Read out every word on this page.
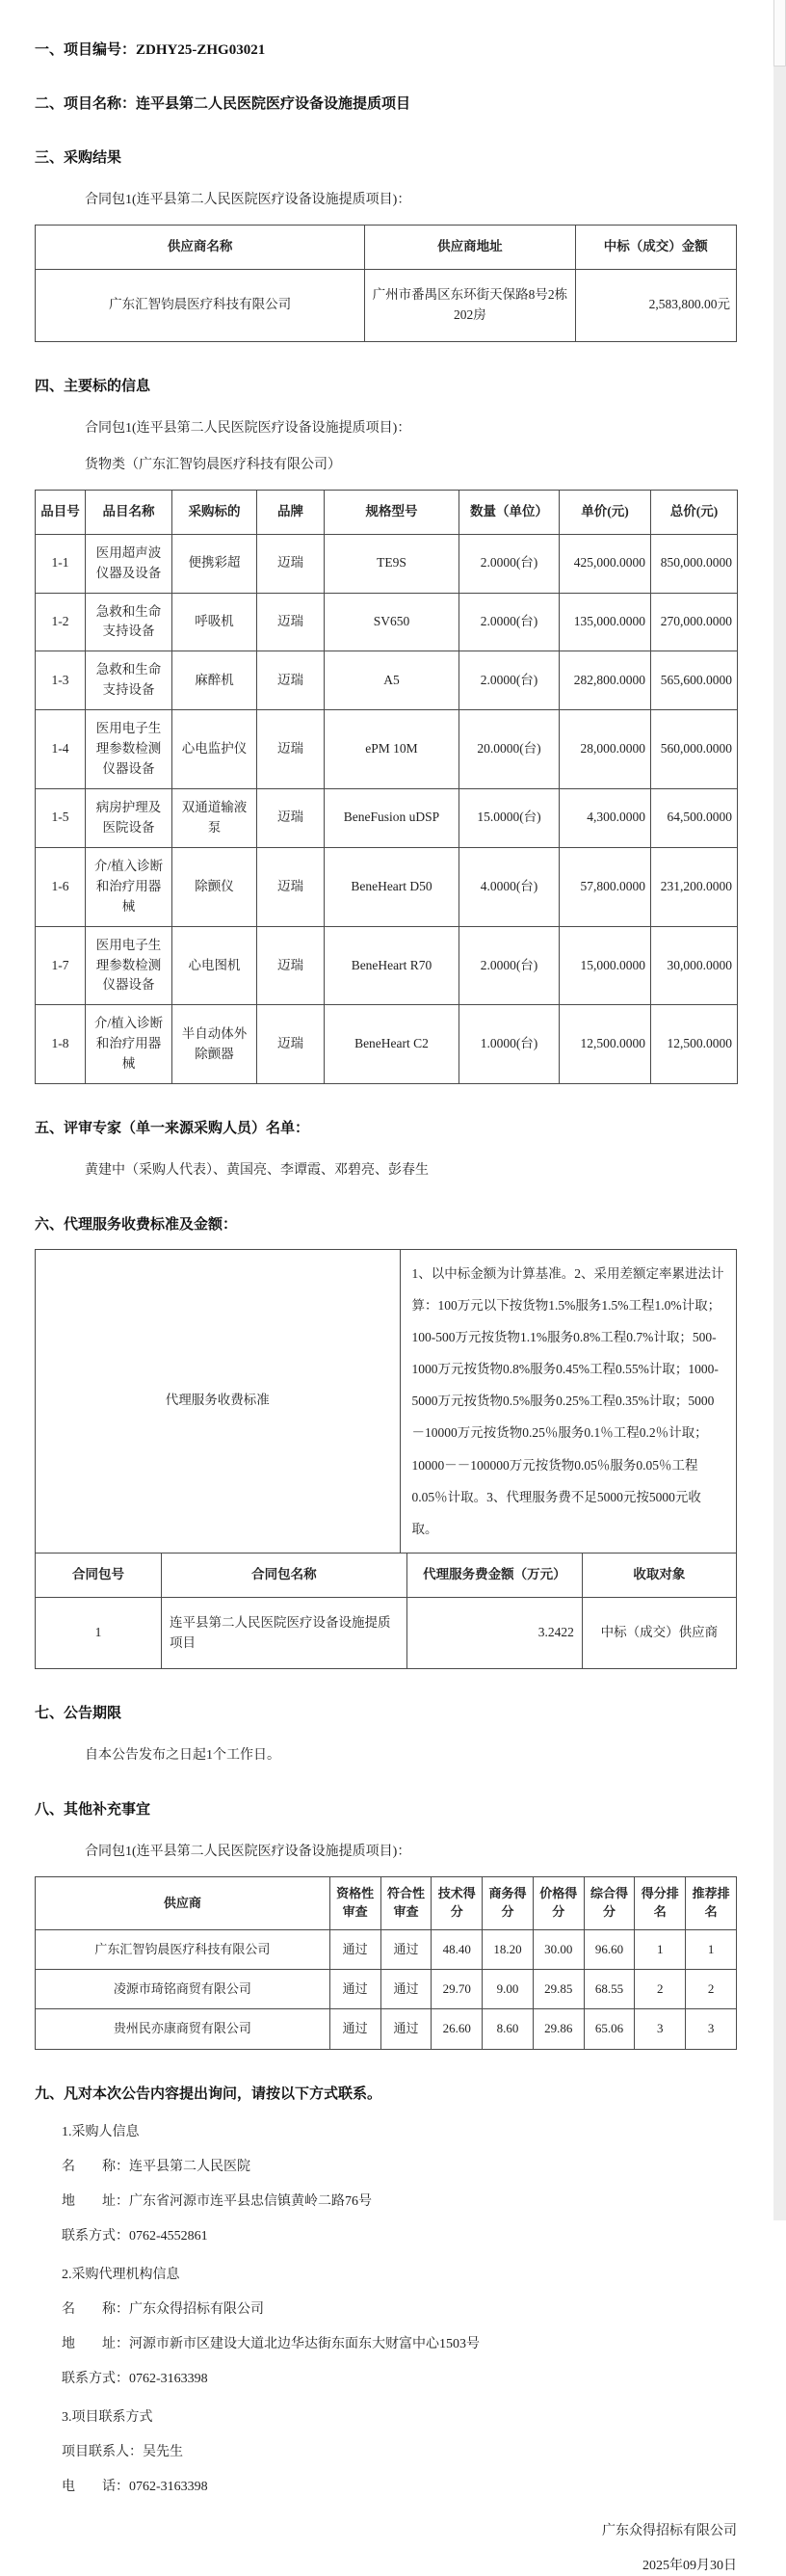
一、项目编号：ZDHY25-ZHG03021
二、项目名称：连平县第二人民医院医疗设备设施提质项目
三、采购结果
合同包1(连平县第二人民医院医疗设备设施提质项目)：
供应商名称	供应商地址	中标（成交）金额
广东汇智钧晨医疗科技有限公司	广州市番禺区东环街天保路8号2栋202房	2,583,800.00元
四、主要标的信息
合同包1(连平县第二人民医院医疗设备设施提质项目)：
货物类（广东汇智钧晨医疗科技有限公司）
品目号	品目名称	采购标的	品牌	规格型号	数量（单位）	单价(元)	总价(元)
1-1	医用超声波仪器及设备	便携彩超	迈瑞	TE9S	2.0000(台)	425,000.0000	850,000.0000
1-2	急救和生命支持设备	呼吸机	迈瑞	SV650	2.0000(台)	135,000.0000	270,000.0000
1-3	急救和生命支持设备	麻醉机	迈瑞	A5	2.0000(台)	282,800.0000	565,600.0000
1-4	医用电子生理参数检测仪器设备	心电监护仪	迈瑞	ePM 10M	20.0000(台)	28,000.0000	560,000.0000
1-5	病房护理及医院设备	双通道输液泵	迈瑞	BeneFusion uDSP	15.0000(台)	4,300.0000	64,500.0000
1-6	介/植入诊断和治疗用器械	除颤仪	迈瑞	BeneHeart D50	4.0000(台)	57,800.0000	231,200.0000
1-7	医用电子生理参数检测仪器设备	心电图机	迈瑞	BeneHeart R70	2.0000(台)	15,000.0000	30,000.0000
1-8	介/植入诊断和治疗用器械	半自动体外除颤器	迈瑞	BeneHeart C2	1.0000(台)	12,500.0000	12,500.0000
五、评审专家（单一来源采购人员）名单：
黄建中（采购人代表）、黄国亮、李谭霞、邓碧亮、彭春生
六、代理服务收费标准及金额：
代理服务收费标准	1、以中标金额为计算基准。2、采用差额定率累进法计算：100万元以下按货物1.5%服务1.5%工程1.0%计取；100-500万元按货物1.1%服务0.8%工程0.7%计取；500-1000万元按货物0.8%服务0.45%工程0.55%计取；1000-5000万元按货物0.5%服务0.25%工程0.35%计取；5000－10000万元按货物0.25％服务0.1％工程0.2％计取；10000－－100000万元按货物0.05％服务0.05％工程0.05％计取。3、代理服务费不足5000元按5000元收取。
合同包号	合同包名称	代理服务费金额（万元）	收取对象
1	连平县第二人民医院医疗设备设施提质项目	3.2422	中标（成交）供应商
七、公告期限
自本公告发布之日起1个工作日。
八、其他补充事宜
合同包1(连平县第二人民医院医疗设备设施提质项目)：
供应商	资格性审查	符合性审查	技术得分	商务得分	价格得分	综合得分	得分排名	推荐排名
广东汇智钧晨医疗科技有限公司	通过	通过	48.40	18.20	30.00	96.60	1	1
凌源市琦铭商贸有限公司	通过	通过	29.70	9.00	29.85	68.55	2	2
贵州民亦康商贸有限公司	通过	通过	26.60	8.60	29.86	65.06	3	3
九、凡对本次公告内容提出询问，请按以下方式联系。
1.采购人信息
名　　称：连平县第二人民医院
地　　址：广东省河源市连平县忠信镇黄岭二路76号
联系方式：0762-4552861
2.采购代理机构信息
名　　称：广东众得招标有限公司
地　　址：河源市新市区建设大道北边华达街东面东大财富中心1503号
联系方式：0762-3163398
3.项目联系方式
项目联系人：吴先生
电　　话：0762-3163398
广东众得招标有限公司
2025年09月30日
